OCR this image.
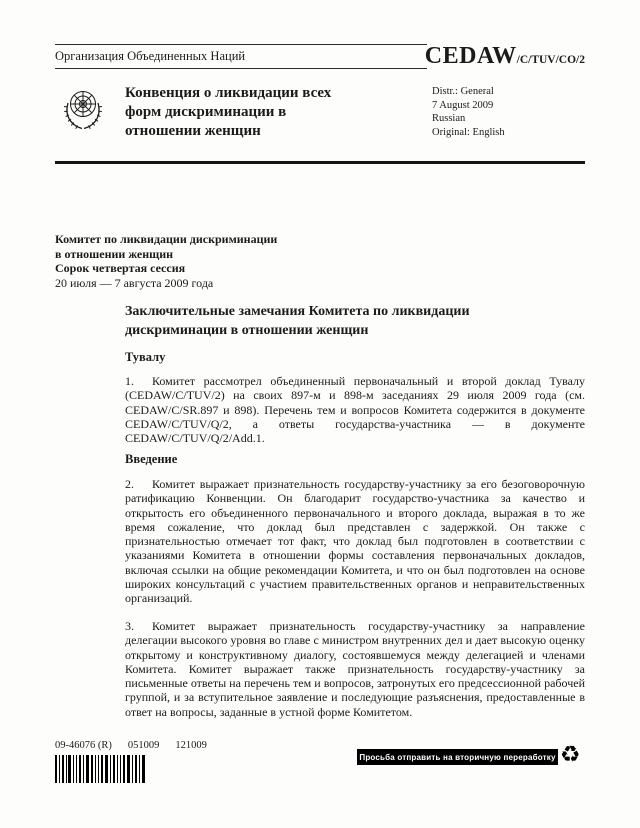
Организация Объединенных Наций	CEDAW/C/TUV/CO/2
Конвенция о ликвидации всех форм дискриминации в отношении женщин
Distr.: General
7 August 2009
Russian
Original: English
Комитет по ликвидации дискриминации
в отношении женщин
Сорок четвертая сессия
20 июля — 7 августа 2009 года
Заключительные замечания Комитета по ликвидации дискриминации в отношении женщин
Тувалу

1. Комитет рассмотрел объединенный первоначальный и второй доклад Тувалу (CEDAW/C/TUV/2) на своих 897-м и 898-м заседаниях 29 июля 2009 года (см. CEDAW/C/SR.897 и 898). Перечень тем и вопросов Комитета содержится в документе CEDAW/C/TUV/Q/2, а ответы государства-участника — в документе CEDAW/C/TUV/Q/2/Add.1.

Введение

2. Комитет выражает признательность государству-участнику за его безоговорочную ратификацию Конвенции. Он благодарит государство-участника за качество и открытость его объединенного первоначального и второго доклада, выражая в то же время сожаление, что доклад был представлен с задержкой. Он также с признательностью отмечает тот факт, что доклад был подготовлен в соответствии с указаниями Комитета в отношении формы составления первоначальных докладов, включая ссылки на общие рекомендации Комитета, и что он был подготовлен на основе широких консультаций с участием правительственных органов и неправительственных организаций.

3. Комитет выражает признательность государству-участнику за направление делегации высокого уровня во главе с министром внутренних дел и дает высокую оценку открытому и конструктивному диалогу, состоявшемуся между делегацией и членами Комитета. Комитет выражает также признательность государству-участнику за письменные ответы на перечень тем и вопросов, затронутых его предсессионной рабочей группой, и за вступительное заявление и последующие разъяснения, предоставленные в ответ на вопросы, заданные в устной форме Комитетом.

09-46076 (R) 051009 121009
Просьба отправить на вторичную переработку ♻
